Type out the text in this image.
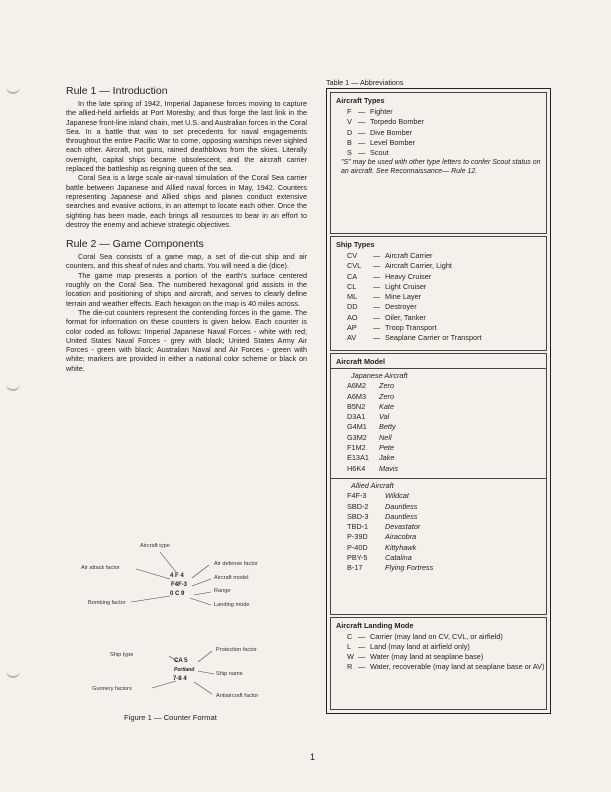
Rule 1 — Introduction

In the late spring of 1942, Imperial Japanese forces moving to capture the allied-held airfields at Port Moresby, and thus forge the last link in the Japanese front-line island chain, met U.S. and Australian forces in the Coral Sea. In a battle that was to set precedents for naval engagements throughout the entire Pacific War to come, opposing warships never sighted each other. Aircraft, not guns, rained deathblows from the skies. Literally overnight, capital ships became obsolescent, and the aircraft carrier replaced the battleship as reigning queen of the sea.

Coral Sea is a large scale air-naval simulation of the Coral Sea carrier battle between Japanese and Allied naval forces in May, 1942. Counters representing Japanese and Allied ships and planes conduct extensive searches and evasive actions, in an attempt to locate each other. Once the sighting has been made, each brings all resources to bear in an effort to destroy the enemy and achieve strategic objectives.

Rule 2 — Game Components

Coral Sea consists of a game map, a set of die-cut ship and air counters, and this sheaf of rules and charts. You will need a die (dice).

The game map presents a portion of the earth's surface centered roughly on the Coral Sea. The numbered hexagonal grid assists in the location and positioning of ships and aircraft, and serves to clearly define terrain and weather effects. Each hexagon on the map is 40 miles across.

The die-cut counters represent the contending forces in the game. The format for information on these counters is given below. Each counter is color coded as follows: Imperial Japanese Naval Forces - white with red; United States Naval Forces - grey with black; United States Army Air Forces - green with black; Australian Naval and Air Forces - green with white; markers are provided in either a national color scheme or black on white.

Aircraft type
Air attack factor
Air defense factor
Aircraft model
Range
Bombing factor	Landing mode
4 F 4
F4F-3
0 C 9
Ship type
Protection factor
Ship name
Gunnery factors
Antiaircraft factor
CA 5
Portland
7-8 4
Figure 1 — Counter Format
Table 1 — Abbreviations
Aircraft Types
F — Fighter
V — Torpedo Bomber
D — Dive Bomber
B — Level Bomber
S — Scout
"S" may be used with other type letters to confer Scout status on an aircraft. See Reconnaissance— Rule 12.
Ship Types
CV	— Aircraft Carrier
CVL	— Aircraft Carrier, Light
CA	— Heavy Cruiser
CL	— Light Cruiser
ML	— Mine Layer
DD	— Destroyer
AO	— Oiler, Tanker
AP	— Troop Transport
AV	— Seaplane Carrier or Transport
Aircraft Model
Japanese Aircraft
A6M2	Zero
A6M3	Zero
B5N2	Kate
D3A1	Val
G4M1	Betty
G3M2	Nell
F1M2	Pete
E13A1	Jake
H6K4	Mavis
Allied Aircraft
F4F-3	Wildcat
SBD-2	Dauntless
SBD-3	Dauntless
TBD-1	Devastator
P-39D	Airacobra
P-40D	Kittyhawk
PBY-5	Catalina
B-17	Flying Fortress
Aircraft Landing Mode
C — Carrier (may land on CV, CVL, or airfield)
L — Land (may land at airfield only)
W — Water (may land at seaplane base)
R — Water, recoverable (may land at seaplane base or AV)
1
